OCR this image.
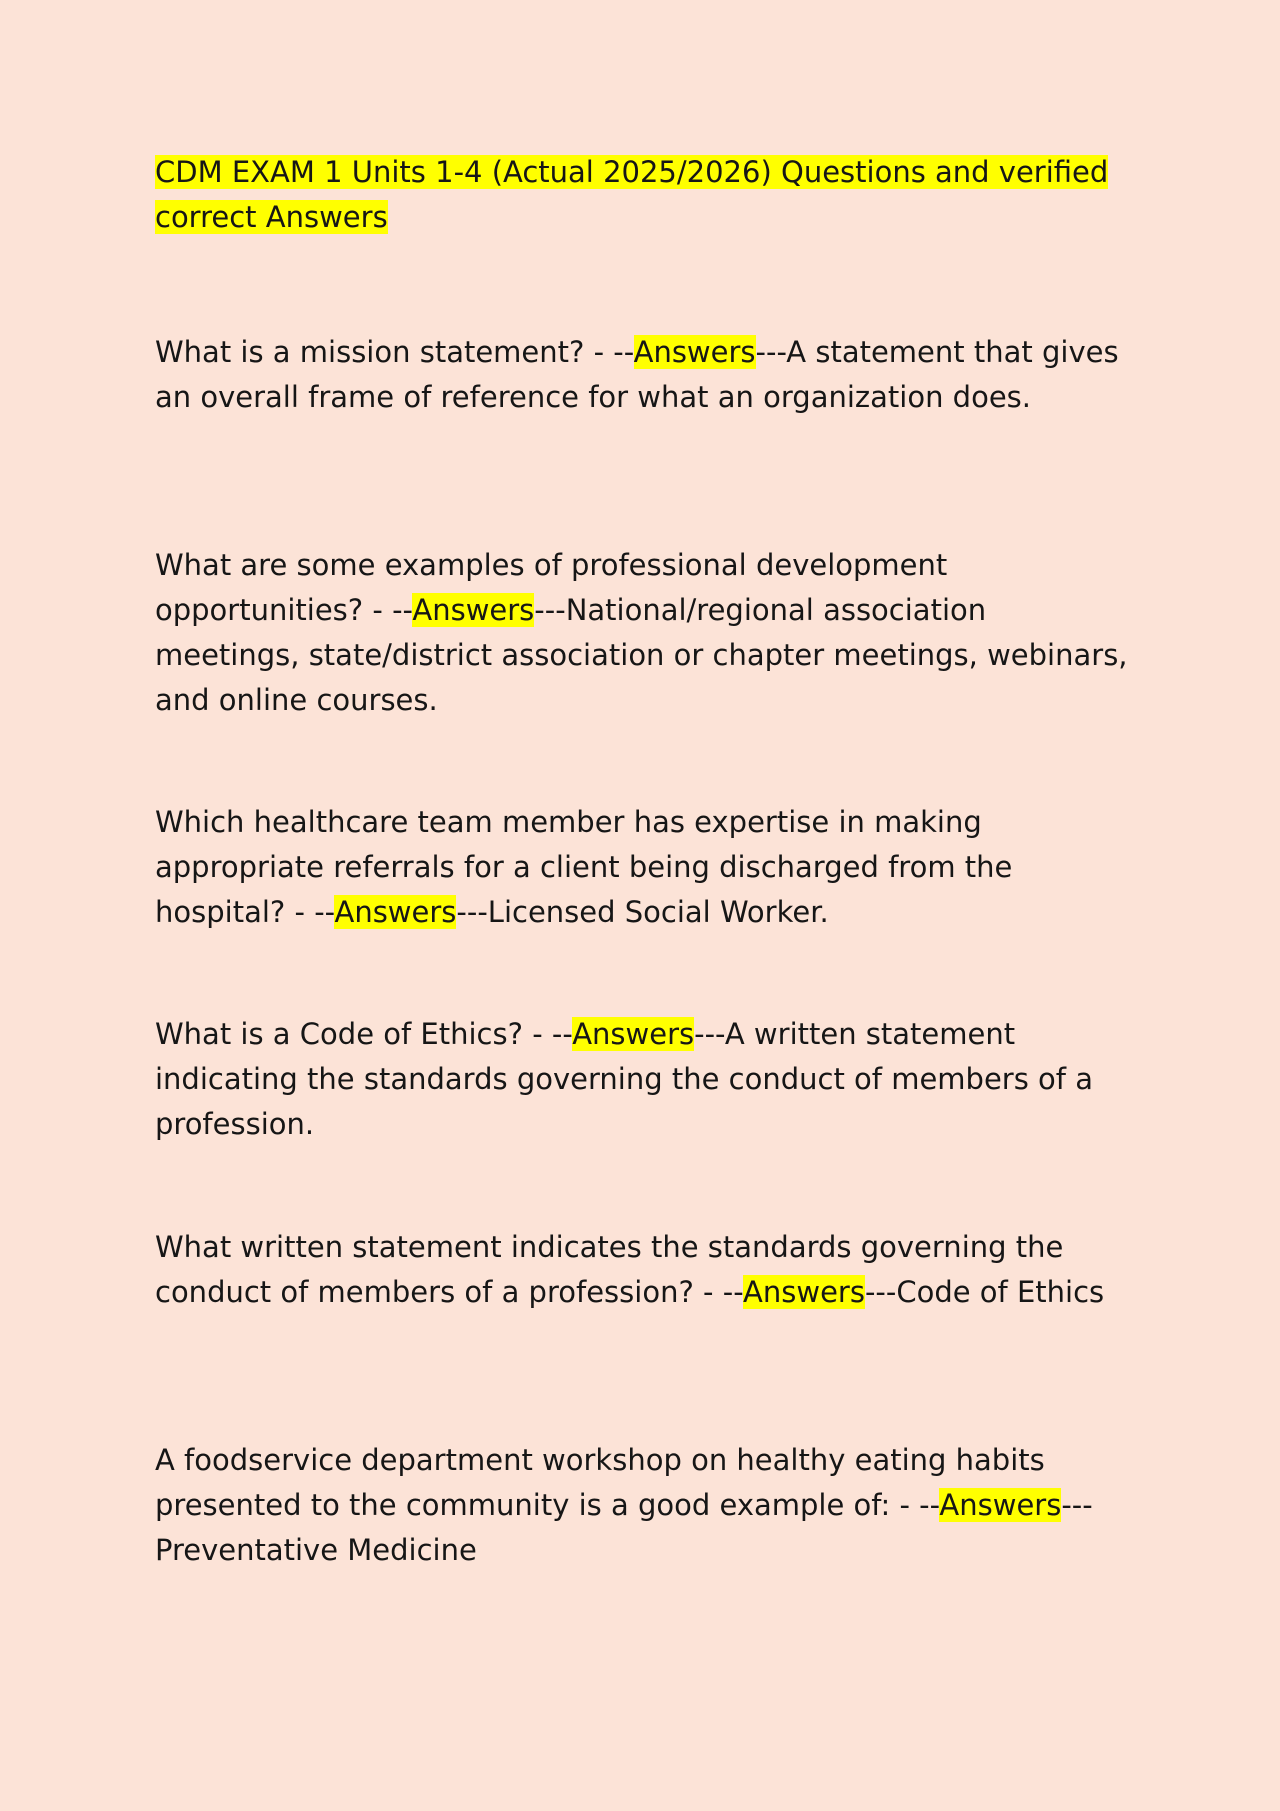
CDM EXAM 1 Units 1-4 (Actual 2025/2026) Questions and verified correct Answers

What is a mission statement? - --Answers---A statement that gives an overall frame of reference for what an organization does.

What are some examples of professional development opportunities? - --Answers---National/regional association meetings, state/district association or chapter meetings, webinars, and online courses.

Which healthcare team member has expertise in making appropriate referrals for a client being discharged from the hospital? - --Answers---Licensed Social Worker.

What is a Code of Ethics? - --Answers---A written statement indicating the standards governing the conduct of members of a profession.

What written statement indicates the standards governing the conduct of members of a profession? - --Answers---Code of Ethics

A foodservice department workshop on healthy eating habits presented to the community is a good example of: - --Answers---Preventative Medicine
